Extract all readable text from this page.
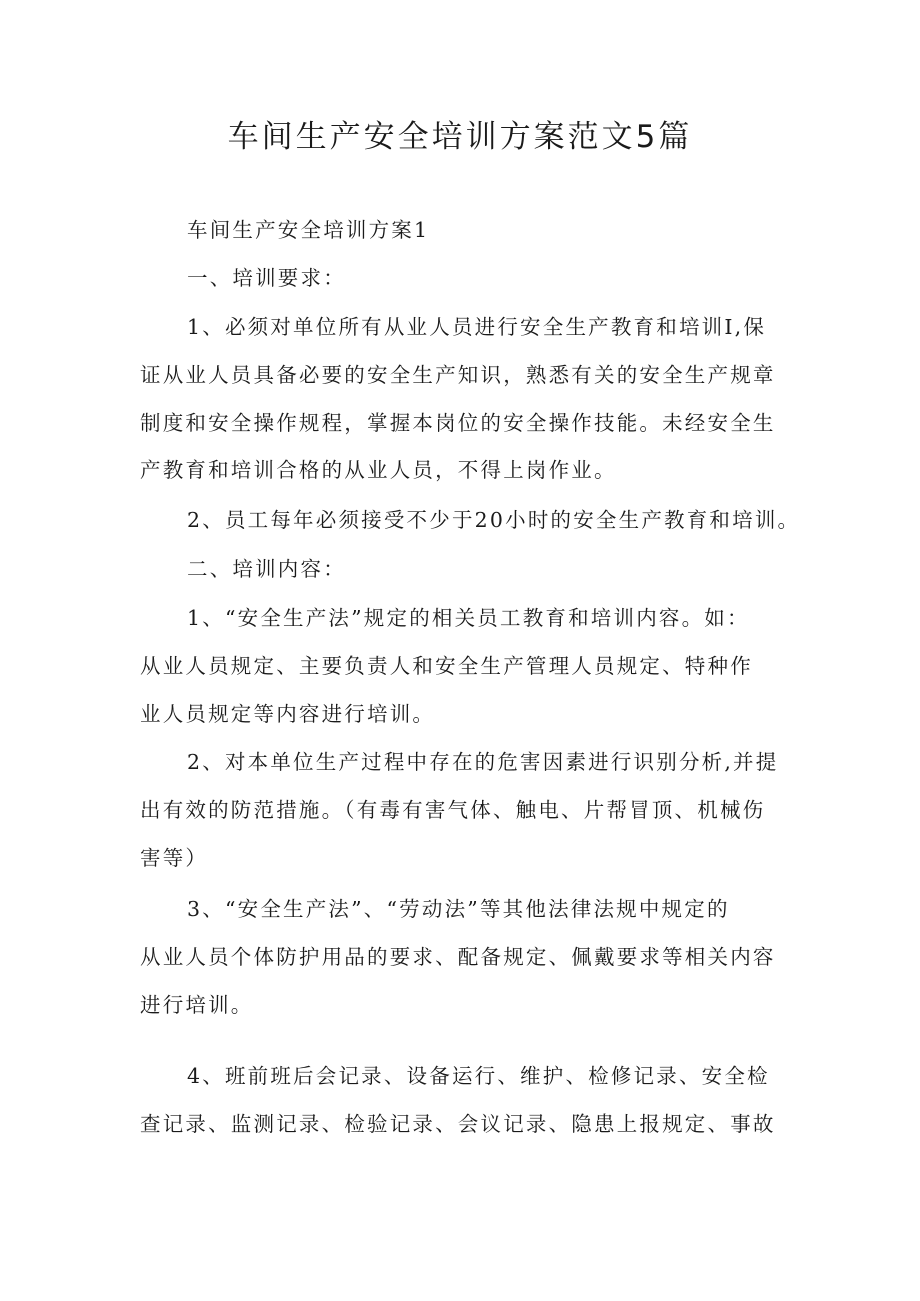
车间生产安全培训方案范文5篇

车间生产安全培训方案1

一、培训要求：

1、必须对单位所有从业人员进行安全生产教育和培训I,保

证从业人员具备必要的安全生产知识，熟悉有关的安全生产规章

制度和安全操作规程，掌握本岗位的安全操作技能。未经安全生

产教育和培训合格的从业人员，不得上岗作业。

2、员工每年必须接受不少于20小时的安全生产教育和培训。

二、培训内容：

1、“安全生产法”规定的相关员工教育和培训内容。如：

从业人员规定、主要负责人和安全生产管理人员规定、特种作

业人员规定等内容进行培训。

2、对本单位生产过程中存在的危害因素进行识别分析,并提

出有效的防范措施。（有毒有害气体、触电、片帮冒顶、机械伤

害等）

3、“安全生产法”、“劳动法”等其他法律法规中规定的

从业人员个体防护用品的要求、配备规定、佩戴要求等相关内容

进行培训。

4、班前班后会记录、设备运行、维护、检修记录、安全检

查记录、监测记录、检验记录、会议记录、隐患上报规定、事故
